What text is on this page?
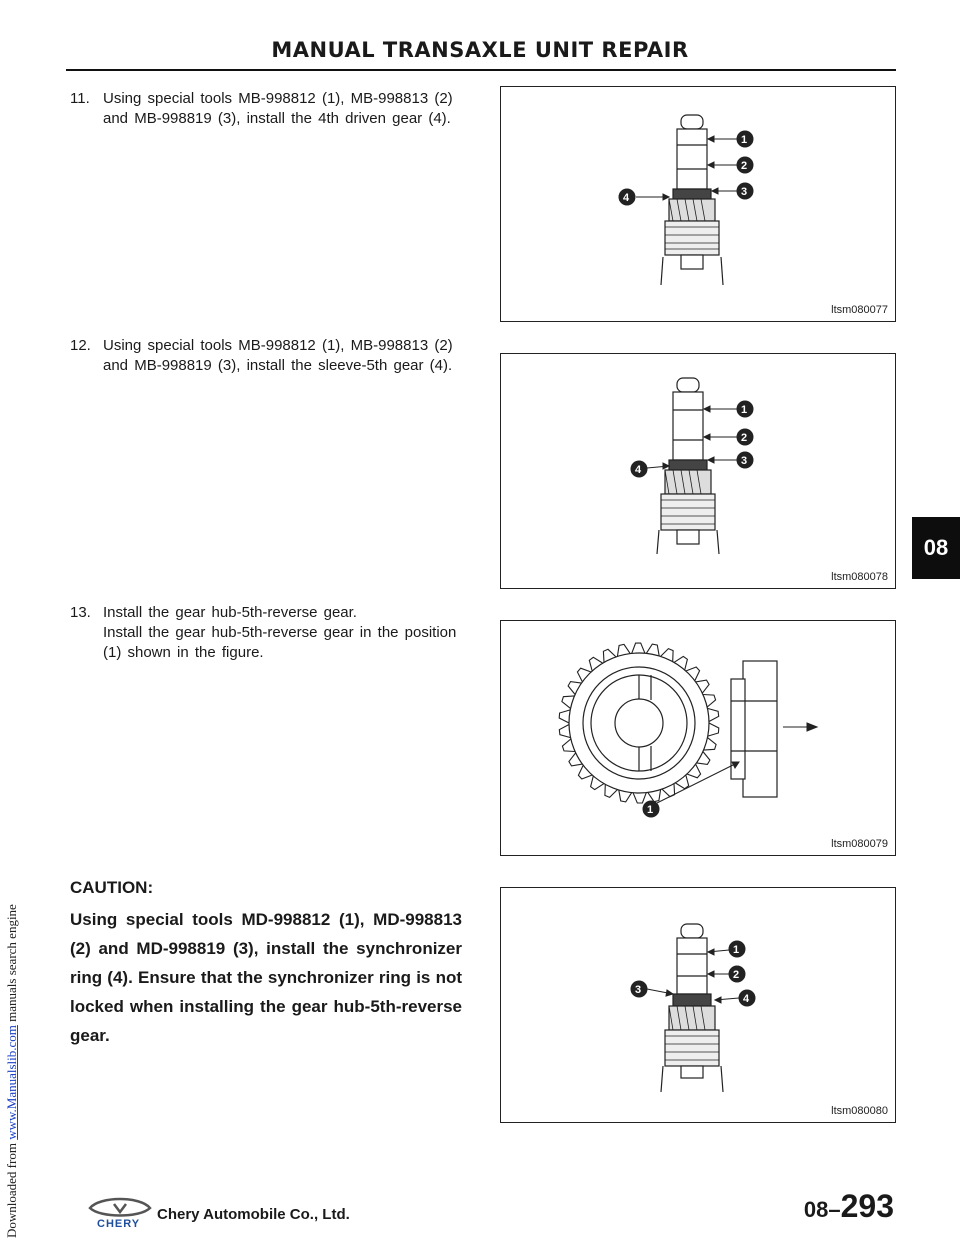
Downloaded from www.Manualslib.com manuals search engine
MANUAL TRANSAXLE UNIT REPAIR
11. Using special tools MB-998812 (1), MB-998813 (2)
and MB-998819 (3), install the 4th driven gear (4).
12. Using special tools MB-998812 (1), MB-998813 (2)
and MB-998819 (3), install the sleeve-5th gear (4).
13. Install the gear hub-5th-reverse gear.
Install the gear hub-5th-reverse gear in the position
(1) shown in the figure.
CAUTION:
Using special tools MD-998812 (1), MD-998813 (2) and MD-998819 (3), install the synchronizer ring (4). Ensure that the synchronizer ring is not locked when installing the gear hub-5th-reverse gear.
1
2
3
4
ltsm080077
1
2
3
4
ltsm080078
1
ltsm080079
1
2
3
4
ltsm080080
08
CHERY
Chery Automobile Co., Ltd.	08–293
